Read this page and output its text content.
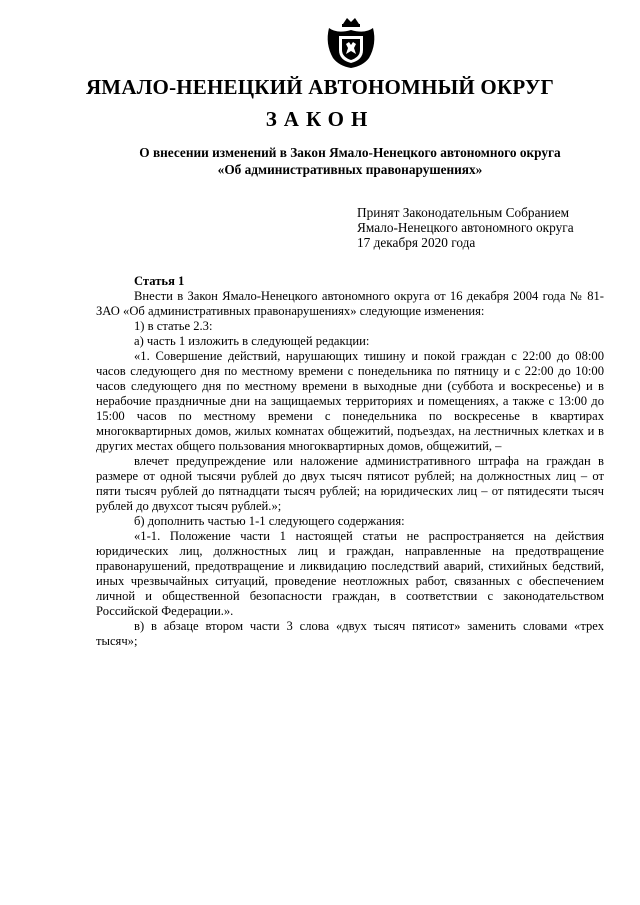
ЯМАЛО-НЕНЕЦКИЙ АВТОНОМНЫЙ ОКРУГ
ЗАКОН
О внесении изменений в Закон Ямало-Ненецкого автономного округа
«Об административных правонарушениях»
Принят Законодательным Собранием
Ямало-Ненецкого автономного округа
17 декабря 2020 года

Статья 1

Внести в Закон Ямало-Ненецкого автономного округа от 16 декабря 2004 года № 81-ЗАО «Об административных правонарушениях» следующие изменения:

1) в статье 2.3:

а) часть 1 изложить в следующей редакции:

«1. Совершение действий, нарушающих тишину и покой граждан с 22:00 до 08:00 часов следующего дня по местному времени с понедельника по пятницу и с 22:00 до 10:00 часов следующего дня по местному времени в выходные дни (суббота и воскресенье) и в нерабочие праздничные дни на защищаемых территориях и помещениях, а также с 13:00 до 15:00 часов по местному времени с понедельника по воскресенье в квартирах многоквартирных домов, жилых комнатах общежитий, подъездах, на лестничных клетках и в других местах общего пользования многоквартирных домов, общежитий, –

влечет предупреждение или наложение административного штрафа на граждан в размере от одной тысячи рублей до двух тысяч пятисот рублей; на должностных лиц – от пяти тысяч рублей до пятнадцати тысяч рублей; на юридических лиц – от пятидесяти тысяч рублей до двухсот тысяч рублей.»;

б) дополнить частью 1-1 следующего содержания:

«1-1. Положение части 1 настоящей статьи не распространяется на действия юридических лиц, должностных лиц и граждан, направленные на предотвращение правонарушений, предотвращение и ликвидацию последствий аварий, стихийных бедствий, иных чрезвычайных ситуаций, проведение неотложных работ, связанных с обеспечением личной и общественной безопасности граждан, в соответствии с законодательством Российской Федерации.».

в) в абзаце втором части 3 слова «двух тысяч пятисот» заменить словами «трех тысяч»;
